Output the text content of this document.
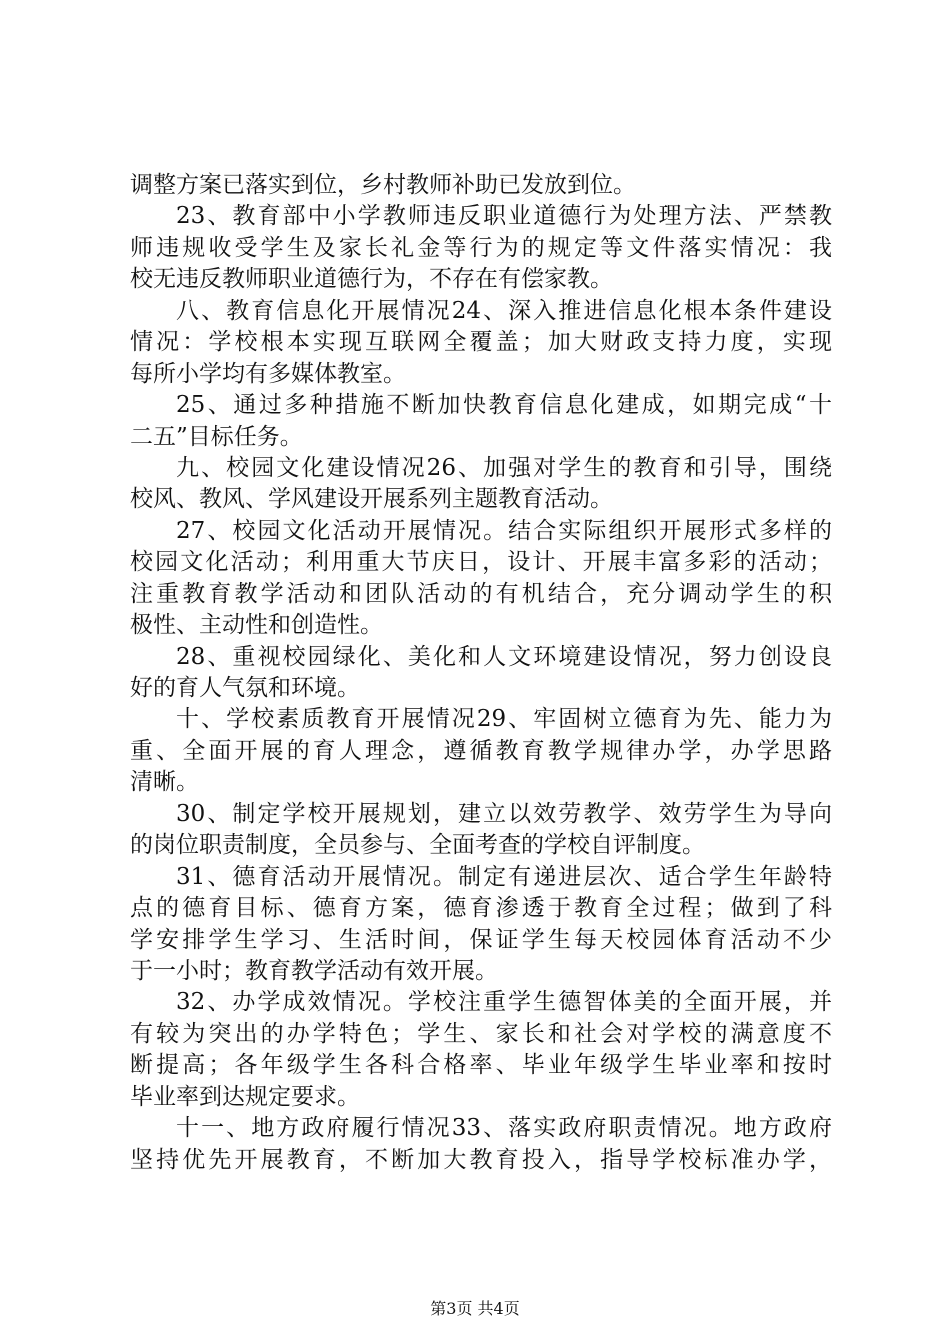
调整方案已落实到位，乡村教师补助已发放到位。
23、教育部中小学教师违反职业道德行为处理方法、严禁教
师违规收受学生及家长礼金等行为的规定等文件落实情况：我
校无违反教师职业道德行为，不存在有偿家教。
八、教育信息化开展情况24、深入推进信息化根本条件建设
情况：学校根本实现互联网全覆盖；加大财政支持力度，实现
每所小学均有多媒体教室。
25、通过多种措施不断加快教育信息化建成，如期完成“十
二五”目标任务。
九、校园文化建设情况26、加强对学生的教育和引导，围绕
校风、教风、学风建设开展系列主题教育活动。
27、校园文化活动开展情况。结合实际组织开展形式多样的
校园文化活动；利用重大节庆日，设计、开展丰富多彩的活动；
注重教育教学活动和团队活动的有机结合，充分调动学生的积
极性、主动性和创造性。
28、重视校园绿化、美化和人文环境建设情况，努力创设良
好的育人气氛和环境。
十、学校素质教育开展情况29、牢固树立德育为先、能力为
重、全面开展的育人理念，遵循教育教学规律办学，办学思路
清晰。
30、制定学校开展规划，建立以效劳教学、效劳学生为导向
的岗位职责制度，全员参与、全面考查的学校自评制度。
31、德育活动开展情况。制定有递进层次、适合学生年龄特
点的德育目标、德育方案，德育渗透于教育全过程；做到了科
学安排学生学习、生活时间，保证学生每天校园体育活动不少
于一小时；教育教学活动有效开展。
32、办学成效情况。学校注重学生德智体美的全面开展，并
有较为突出的办学特色；学生、家长和社会对学校的满意度不
断提高；各年级学生各科合格率、毕业年级学生毕业率和按时
毕业率到达规定要求。
十一、地方政府履行情况33、落实政府职责情况。地方政府
坚持优先开展教育，不断加大教育投入，指导学校标准办学，
第3页 共4页
